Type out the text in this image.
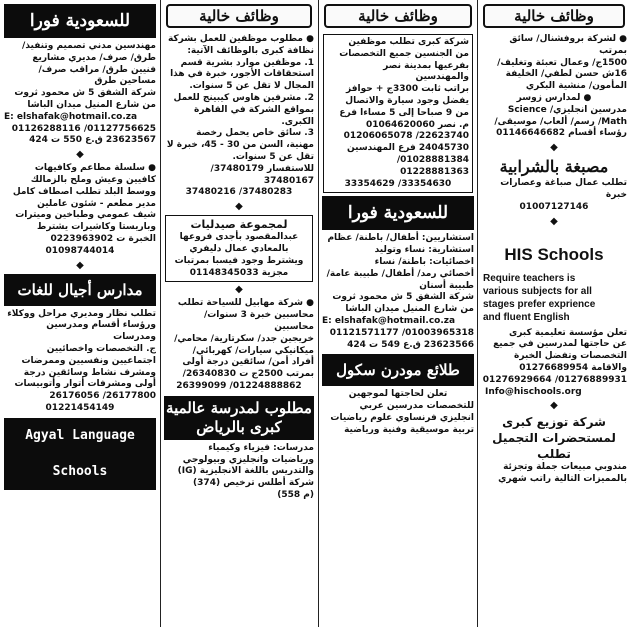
وظائف خالية
● لشركة بروفشنال/ سائق بمرتب
1500ج/ وعمال تعبئة وتغليف/
16ش حسن لطفي/ الخليفة
المأمون/ منشية البكري
● لمدارس زوسر
مدرسين انجليزي/ Science
Math/ رسم/ ألعاب/ موسيقى/
رؤساء أقسام 01146646682
◆
مصبغة بالشرابية
تطلب عمال صباغة وعصارات خبرة
01007127146
◆
HIS Schools
Require teachers is
various subjects for all
stages prefer exprience
and fluent English
تعلن مؤسسة تعليمية كبرى
عن حاجتها لمدرسين في جميع
التخصصات وتفضل الخبرة
والاقامة 01276689954
01276889931/ 01276929664
Info@hischools.org
◆
شركة توزيع كبرى لمستحضرات التجميل تطلب
مندوبي مبيعات جملة وتجزئة
بالمميزات التالية راتب شهري
وظائف خالية
شركة كبرى تطلب موظفين
من الجنسين جميع التخصصات
بفرعيها بمدينة نصر والمهندسين
براتب ثابت 3300ج + حوافز
يفضل وجود سيارة والاتصال
من 9 صباحا إلى 5 مساءا فرع
م. نصر 01064620060
22623740/ 01206065078
24045730 فرع المهندسين
01028881384/ 01228881363
33354630/ 33354629
للسعودية فورا
استشاريين: أطفال/ باطنة/ عظام
استشارية: نساء وتوليد
اخصائيات: باطنة/ نساء
أخصائي رمد/ أطفال/ طبيبة عامة/
طبيبة أسنان
شركة الشفق 5 ش محمود ثروت
من شارع المنيل ميدان الباشا
E: elshafak@hotmail.co.za
01003965318/ 01121571177
23623566 ق.ع 549 ت 424
طلائع مودرن سكول
تعلن لحاجتها لموجهين
للتخصصات مدرسين عربي
انجليزي فرنساوي علوم رياضيات
تربية موسيقية وفنية ورياضية
وظائف خالية
● مطلوب موظفين للعمل بشركة
نظافة كبرى بالوظائف الآتية:
1. موظفين موارد بشرية قسم
استحقاقات الأجور، خبرة في هذا
المجال لا تقل عن 5 سنوات.
2. مشرفين هاوس كيبينج للعمل
بمواقع الشركة في القاهرة الكبرى.
3. سائق خاص يحمل رخصة
مهنية، السن من 30 - 45، خبرة لا
تقل عن 5 سنوات.
للاستفسار 37480179/ 37480167
37480283/ 37480216
◆
لمجموعة صيدليات
عبدالمقصود بأجدى فروعها
بالمعادي عمال دليفري
ويشترط وجود فيسبا بمرتبات
مجزية 01148345033
◆
● شركة مهابيل للسياحة تطلب
محاسبين خبرة 3 سنوات/ محاسبين
خريجين جدد/ سكرتارية/ محامي/
ميكانيكي سيارات/ كهربائي/
أفراد أمن/ سائقين درجة أولى
بمرتب 2500ج ت 26340830/
01224888862/ 26399099
مطلوب لمدرسة عالمية كبرى بالرياض
مدرسات: فيزياء وكيمياء
ورياضيات وانجليزي وبيولوجي
والتدريس باللغة الانجليزية (IG)
شركة أطلس ترخيص (374)
(م 558)
للسعودية فورا
مهندسين مدني تصميم وتنفيذ/
طرق/ صرف/ مديري مشاريع
فنيين طرق/ مراقب صرف/
مساحين طرق
شركة الشفق 5 ش محمود ثروت
من شارع المنيل ميدان الباشا
E: elshafak@hotmail.co.za
01127756625/ 01126288116
23623567 ق.ع 550 ت 424
◆
● سلسلة مطاعم وكافيهات
كافيين وعيش وملح بالزمالك
ووسط البلد تطلب اصطاف كامل
مدير مطعم - شئون عاملين
شيف عمومي وطباخين وميترات
وباريستا وكاشيرات يشترط
الخبرة ت 0223963902
01098744014
◆
مدارس أجيال للغات
تطلب نظار ومديري مراحل ووكلاء
ورؤساء أقسام ومدرسين ومدرسات
ج. التخصصات واخصائيين
اجتماعيين ونفسيين وممرضات
ومشرف نشاط وسائقين درجة
أولى ومشرفات أتوار وأتوبيسات
26177800/ 26176056
01221454149
Agyal Language Schools
